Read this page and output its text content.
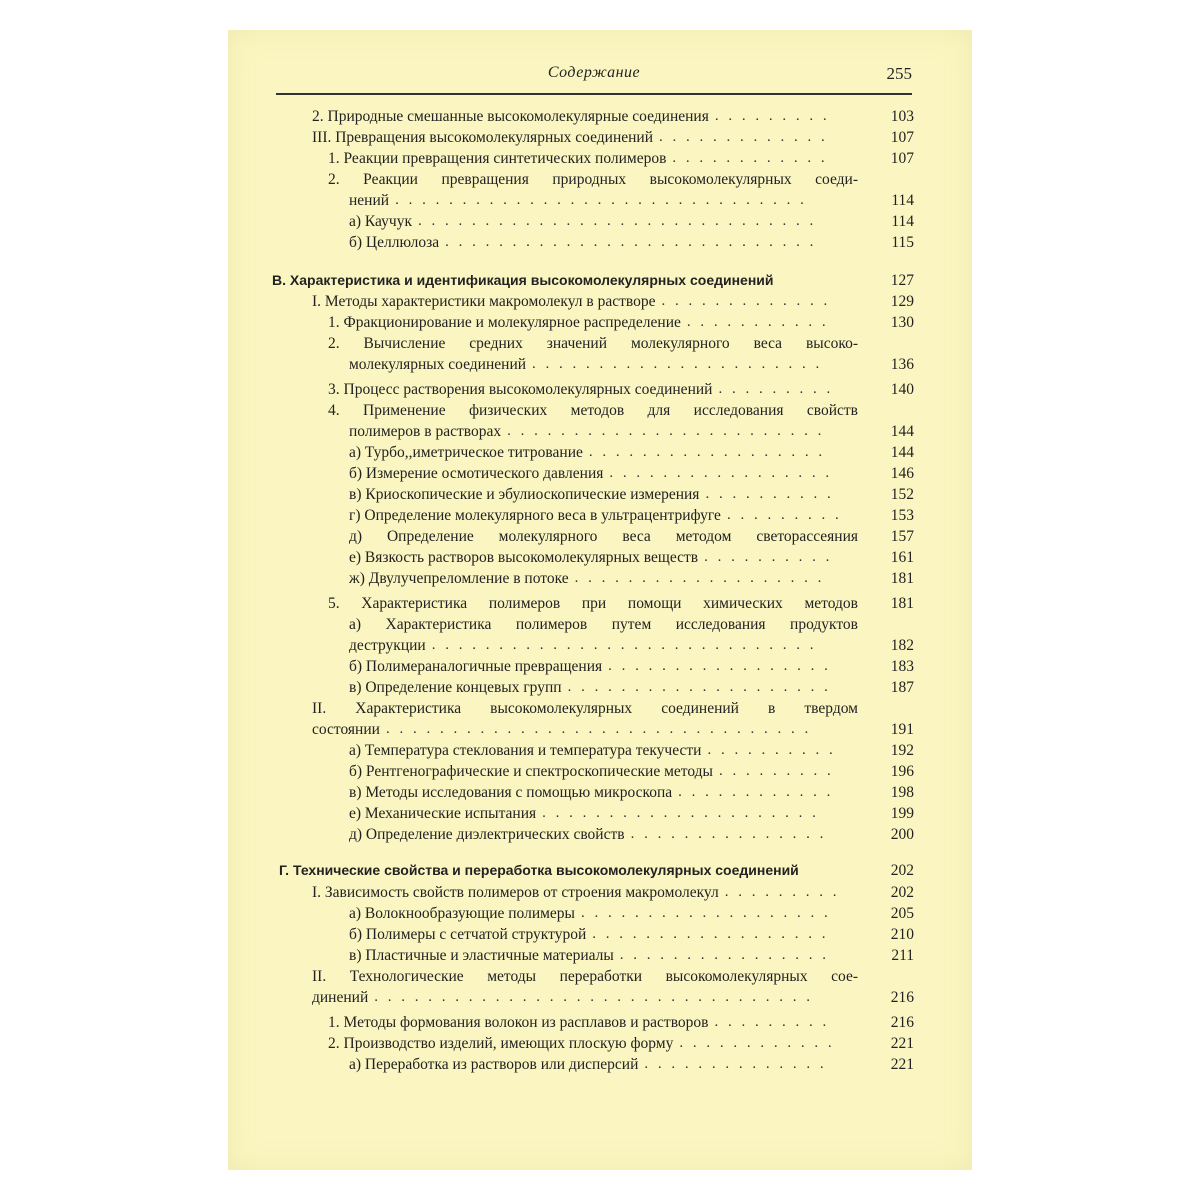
Содержание	255
2. Природные смешанные высокомолекулярные соединения	103
. . . . . . . . .
III. Превращения высокомолекулярных соединений	107
. . . . . . . . . . . . .
1. Реакции превращения синтетических полимеров	107
. . . . . . . . . . . .
2. Реакции превращения природных высокомолекулярных соеди-
нений	114
. . . . . . . . . . . . . . . . . . . . . . . . . . . . . . .
а) Каучук	114
. . . . . . . . . . . . . . . . . . . . . . . . . . . . . .
б) Целлюлоза	115
. . . . . . . . . . . . . . . . . . . . . . . . . . . .
В. Характеристика и идентификация высокомолекулярных соединений	127
I. Методы характеристики макромолекул в растворе	129
. . . . . . . . . . . . .
1. Фракционирование и молекулярное распределение	130
. . . . . . . . . . .
2. Вычисление средних значений молекулярного веса высоко-
молекулярных соединений	136
. . . . . . . . . . . . . . . . . . . . . .
3. Процесс растворения высокомолекулярных соединений	140
. . . . . . . . .
4. Применение физических методов для исследования свойств
полимеров в растворах	144
. . . . . . . . . . . . . . . . . . . . . . . .
а) Турбо,,иметрическое титрование	144
. . . . . . . . . . . . . . . . . .
б) Измерение осмотического давления	146
. . . . . . . . . . . . . . . . .
в) Криоскопические и эбулиоскопические измерения	152
. . . . . . . . . .
г) Определение молекулярного веса в ультрацентрифуге	153
. . . . . . . . .
д) Определение молекулярного веса методом светорассеяния 157
е) Вязкость растворов высокомолекулярных веществ	161
. . . . . . . . . .
ж) Двулучепреломление в потоке	181
. . . . . . . . . . . . . . . . . . .
5. Характеристика полимеров при помощи химических методов 181
а) Характеристика полимеров путем исследования продуктов
деструкции	182
. . . . . . . . . . . . . . . . . . . . . . . . . . . . .
б) Полимераналогичные превращения	183
. . . . . . . . . . . . . . . . .
в) Определение концевых групп	187
. . . . . . . . . . . . . . . . . . . .
II. Характеристика высокомолекулярных соединений в твердом
состоянии	191
. . . . . . . . . . . . . . . . . . . . . . . . . . . . . . . .
а) Температура стеклования и температура текучести	192
. . . . . . . . . .
б) Рентгенографические и спектроскопические методы	196
. . . . . . . . .
в) Методы исследования с помощью микроскопа	198
. . . . . . . . . . . .
е) Механические испытания	199
. . . . . . . . . . . . . . . . . . . . .
д) Определение диэлектрических свойств	200
. . . . . . . . . . . . . . .
Г. Технические свойства и переработка высокомолекулярных соединений	202
I. Зависимость свойств полимеров от строения макромолекул	202
. . . . . . . . .
а) Волокнообразующие полимеры	205
. . . . . . . . . . . . . . . . . . .
б) Полимеры с сетчатой структурой	210
. . . . . . . . . . . . . . . . . .
в) Пластичные и эластичные материалы	211
. . . . . . . . . . . . . . . .
II. Технологические методы переработки высокомолекулярных сое-
динений	216
. . . . . . . . . . . . . . . . . . . . . . . . . . . . . . . . .
1. Методы формования волокон из расплавов и растворов	216
. . . . . . . . .
2. Производство изделий, имеющих плоскую форму	221
. . . . . . . . . . . .
а) Переработка из растворов или дисперсий	221
. . . . . . . . . . . . . .
